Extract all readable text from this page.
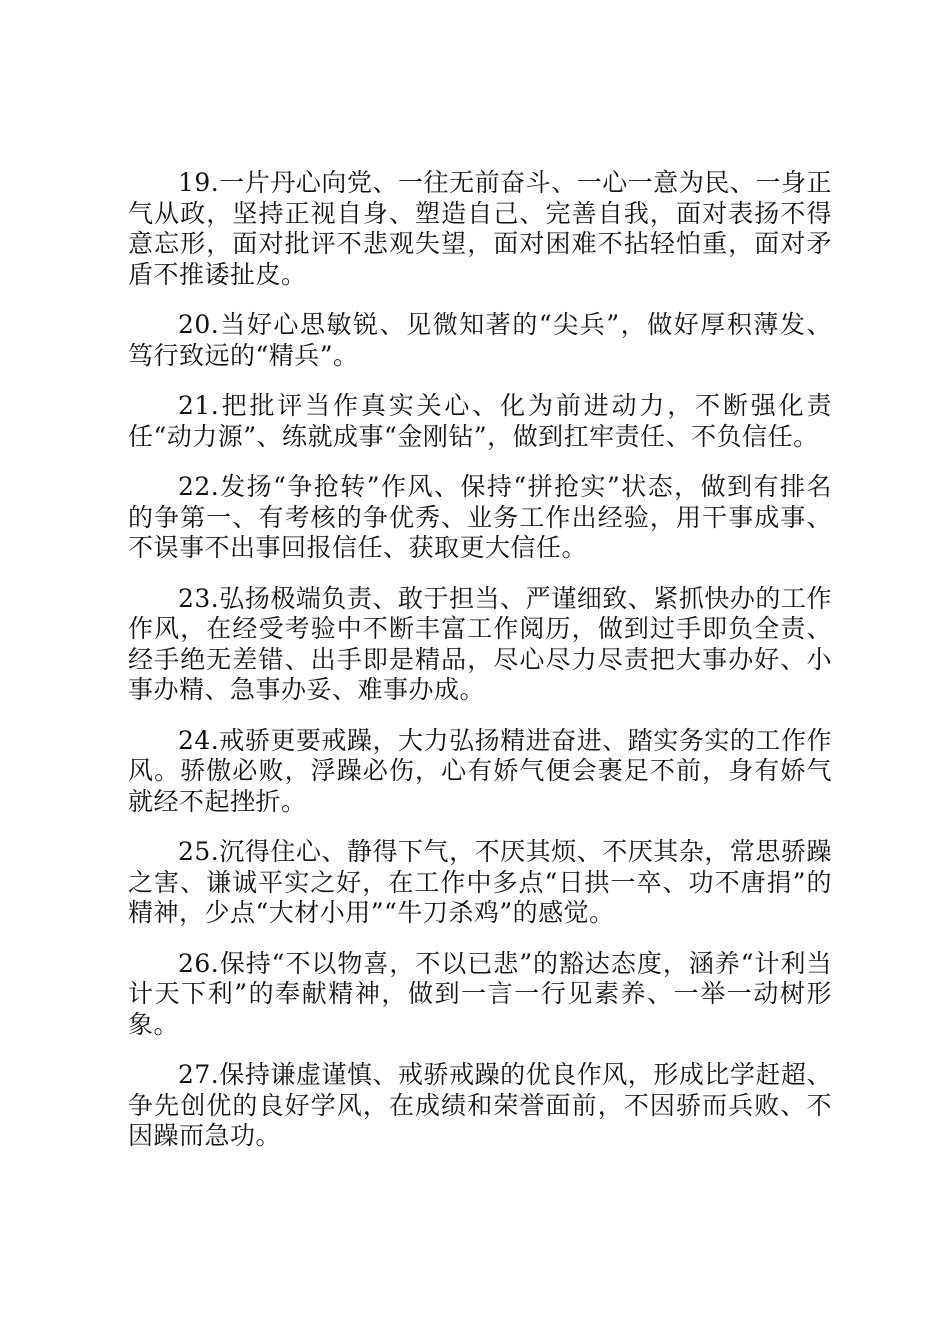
19.一片丹心向党、一往无前奋斗、一心一意为民、一身正气从政，坚持正视自身、塑造自己、完善自我，面对表扬不得意忘形，面对批评不悲观失望，面对困难不拈轻怕重，面对矛盾不推诿扯皮。

20.当好心思敏锐、见微知著的“尖兵”，做好厚积薄发、笃行致远的“精兵”。

21.把批评当作真实关心、化为前进动力，不断强化责任“动力源”、练就成事“金刚钻”，做到扛牢责任、不负信任。

22.发扬“争抢转”作风、保持“拼抢实”状态，做到有排名的争第一、有考核的争优秀、业务工作出经验，用干事成事、不误事不出事回报信任、获取更大信任。

23.弘扬极端负责、敢于担当、严谨细致、紧抓快办的工作作风，在经受考验中不断丰富工作阅历，做到过手即负全责、经手绝无差错、出手即是精品，尽心尽力尽责把大事办好、小事办精、急事办妥、难事办成。

24.戒骄更要戒躁，大力弘扬精进奋进、踏实务实的工作作风。骄傲必败，浮躁必伤，心有娇气便会裹足不前，身有娇气就经不起挫折。

25.沉得住心、静得下气，不厌其烦、不厌其杂，常思骄躁之害、谦诚平实之好，在工作中多点“日拱一卒、功不唐捐”的精神，少点“大材小用”“牛刀杀鸡”的感觉。

26.保持“不以物喜，不以已悲”的豁达态度，涵养“计利当计天下利”的奉献精神，做到一言一行见素养、一举一动树形象。

27.保持谦虚谨慎、戒骄戒躁的优良作风，形成比学赶超、争先创优的良好学风，在成绩和荣誉面前，不因骄而兵败、不因躁而急功。
